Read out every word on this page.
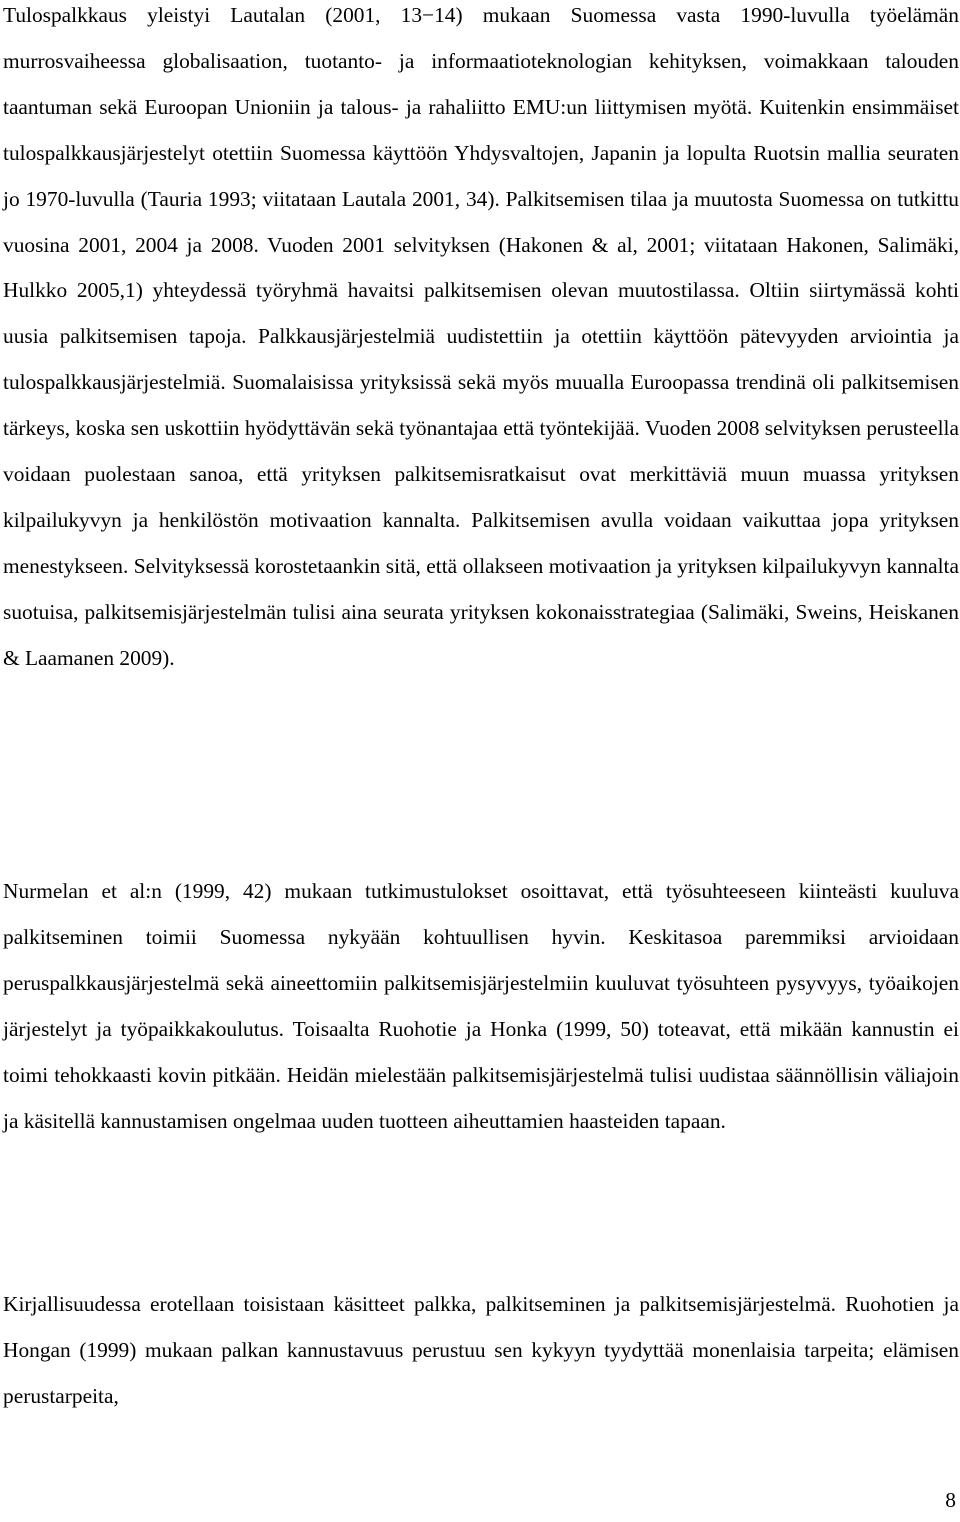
Tulospalkkaus yleistyi Lautalan (2001, 13−14) mukaan Suomessa vasta 1990-luvulla työelämän murrosvaiheessa globalisaation, tuotanto- ja informaatioteknologian kehityksen, voimakkaan talouden taantuman sekä Euroopan Unioniin ja talous- ja rahaliitto EMU:un liittymisen myötä. Kuitenkin ensimmäiset tulospalkkausjärjestelyt otettiin Suomessa käyttöön Yhdysvaltojen, Japanin ja lopulta Ruotsin mallia seuraten jo 1970-luvulla (Tauria 1993; viitataan Lautala 2001, 34). Palkitsemisen tilaa ja muutosta Suomessa on tutkittu vuosina 2001, 2004 ja 2008. Vuoden 2001 selvityksen (Hakonen & al, 2001; viitataan Hakonen, Salimäki, Hulkko 2005,1) yhteydessä työryhmä havaitsi palkitsemisen olevan muutostilassa. Oltiin siirtymässä kohti uusia palkitsemisen tapoja. Palkkausjärjestelmiä uudistettiin ja otettiin käyttöön pätevyyden arviointia ja tulospalkkausjärjestelmiä. Suomalaisissa yrityksissä sekä myös muualla Euroopassa trendinä oli palkitsemisen tärkeys, koska sen uskottiin hyödyttävän sekä työnantajaa että työntekijää. Vuoden 2008 selvityksen perusteella voidaan puolestaan sanoa, että yrityksen palkitsemisratkaisut ovat merkittäviä muun muassa yrityksen kilpailukyvyn ja henkilöstön motivaation kannalta. Palkitsemisen avulla voidaan vaikuttaa jopa yrityksen menestykseen. Selvityksessä korostetaankin sitä, että ollakseen motivaation ja yrityksen kilpailukyvyn kannalta suotuisa, palkitsemisjärjestelmän tulisi aina seurata yrityksen kokonaisstrategiaa (Salimäki, Sweins, Heiskanen & Laamanen 2009).

Nurmelan et al:n (1999, 42) mukaan tutkimustulokset osoittavat, että työsuhteeseen kiinteästi kuuluva palkitseminen toimii Suomessa nykyään kohtuullisen hyvin. Keskitasoa paremmiksi arvioidaan peruspalkkausjärjestelmä sekä aineettomiin palkitsemisjärjestelmiin kuuluvat työsuhteen pysyvyys, työaikojen järjestelyt ja työpaikkakoulutus. Toisaalta Ruohotie ja Honka (1999, 50) toteavat, että mikään kannustin ei toimi tehokkaasti kovin pitkään. Heidän mielestään palkitsemisjärjestelmä tulisi uudistaa säännöllisin väliajoin ja käsitellä kannustamisen ongelmaa uuden tuotteen aiheuttamien haasteiden tapaan.

Kirjallisuudessa erotellaan toisistaan käsitteet palkka, palkitseminen ja palkitsemisjärjestelmä. Ruohotien ja Hongan (1999) mukaan palkan kannustavuus perustuu sen kykyyn tyydyttää monenlaisia tarpeita; elämisen perustarpeita,

8
